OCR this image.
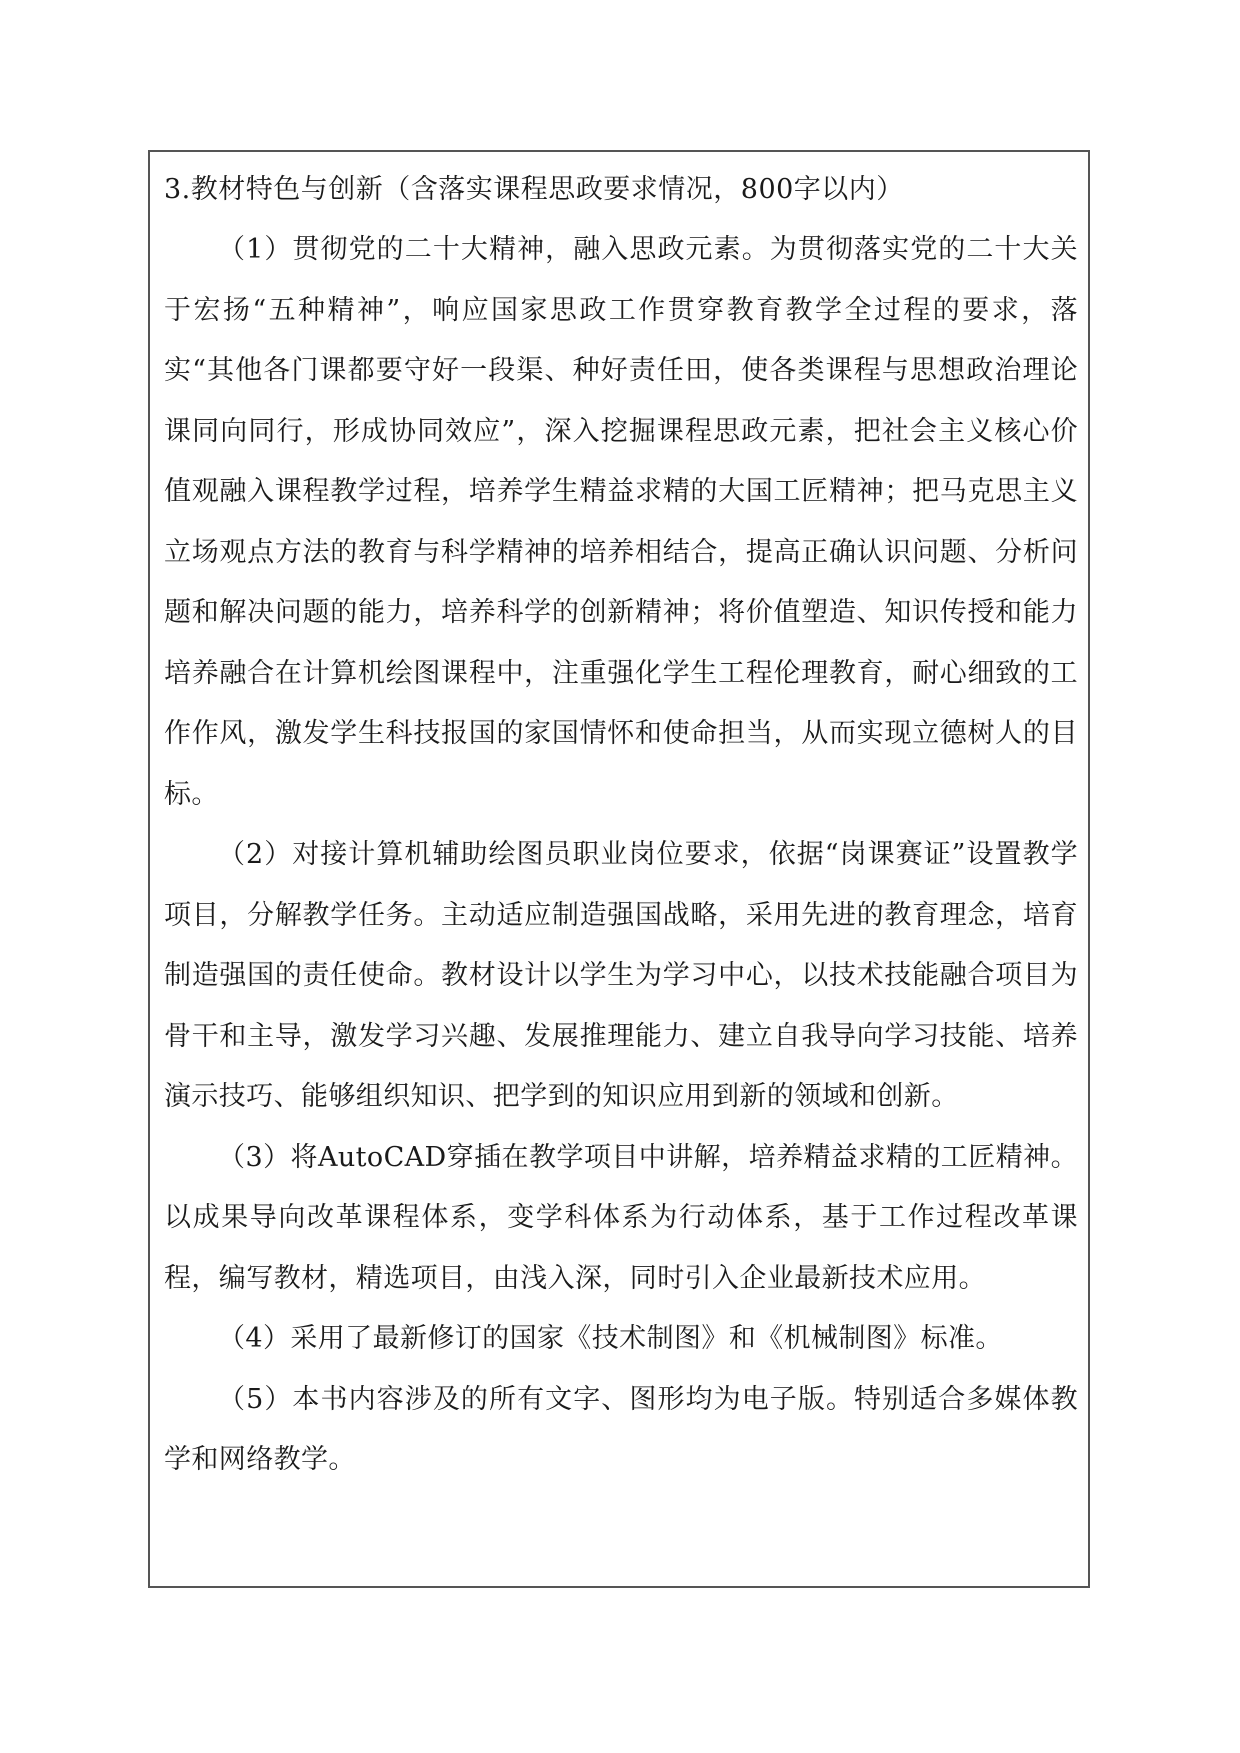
3.教材特色与创新（含落实课程思政要求情况，800字以内）

（1）贯彻党的二十大精神，融入思政元素。为贯彻落实党的二十大关于宏扬“五种精神”，响应国家思政工作贯穿教育教学全过程的要求，落实“其他各门课都要守好一段渠、种好责任田，使各类课程与思想政治理论课同向同行，形成协同效应”，深入挖掘课程思政元素，把社会主义核心价值观融入课程教学过程，培养学生精益求精的大国工匠精神；把马克思主义立场观点方法的教育与科学精神的培养相结合，提高正确认识问题、分析问题和解决问题的能力，培养科学的创新精神；将价值塑造、知识传授和能力培养融合在计算机绘图课程中，注重强化学生工程伦理教育，耐心细致的工作作风，激发学生科技报国的家国情怀和使命担当，从而实现立德树人的目标。

（2）对接计算机辅助绘图员职业岗位要求，依据“岗课赛证”设置教学项目，分解教学任务。主动适应制造强国战略，采用先进的教育理念，培育制造强国的责任使命。教材设计以学生为学习中心，以技术技能融合项目为骨干和主导，激发学习兴趣、发展推理能力、建立自我导向学习技能、培养演示技巧、能够组织知识、把学到的知识应用到新的领域和创新。

（3）将AutoCAD穿插在教学项目中讲解，培养精益求精的工匠精神。以成果导向改革课程体系，变学科体系为行动体系，基于工作过程改革课程，编写教材，精选项目，由浅入深，同时引入企业最新技术应用。

（4）采用了最新修订的国家《技术制图》和《机械制图》标准。

（5）本书内容涉及的所有文字、图形均为电子版。特别适合多媒体教学和网络教学。
